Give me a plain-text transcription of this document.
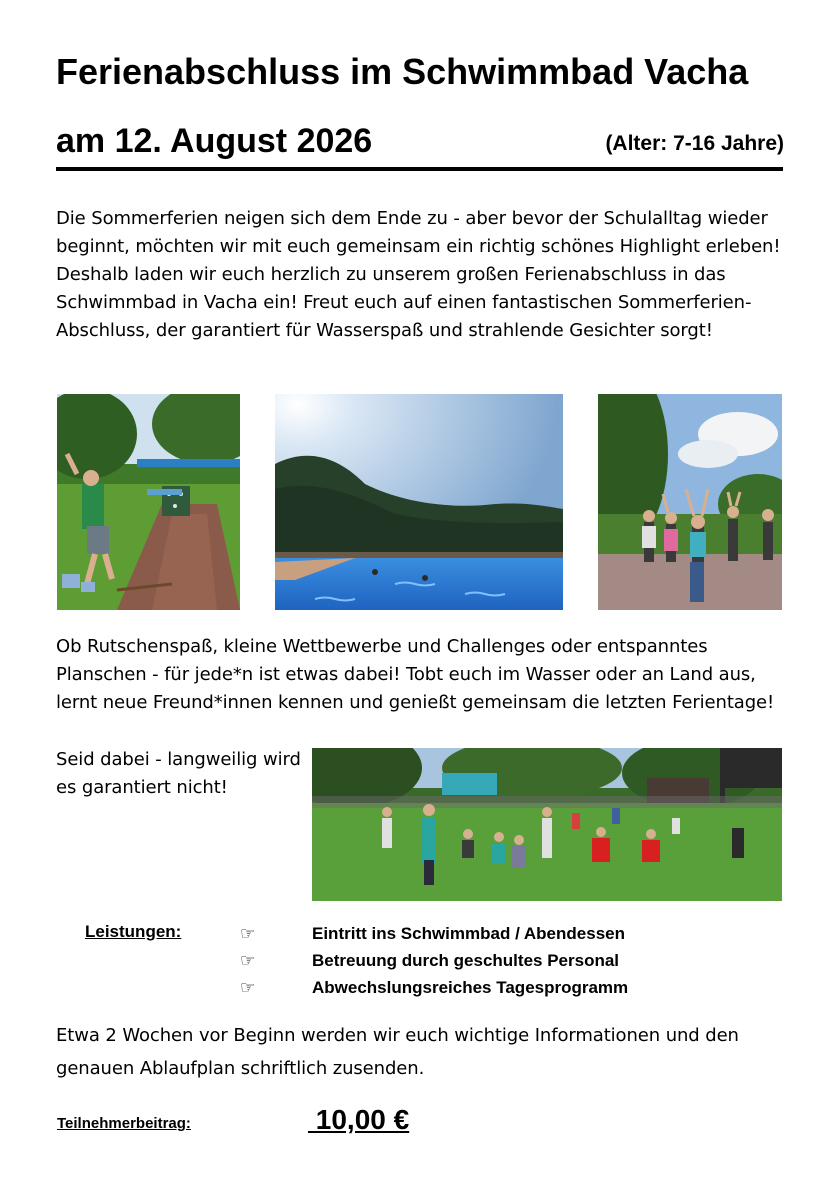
Ferienabschluss im Schwimmbad Vacha
am 12. August 2026	(Alter: 7-16 Jahre)

Die Sommerferien neigen sich dem Ende zu - aber bevor der Schulalltag wieder beginnt, möchten wir mit euch gemeinsam ein richtig schönes Highlight erleben! Deshalb laden wir euch herzlich zu unserem großen Ferienabschluss in das Schwimmbad in Vacha ein! Freut euch auf einen fantastischen Sommerferien-Abschluss, der garantiert für Wasserspaß und strahlende Gesichter sorgt!

Ob Rutschenspaß, kleine Wettbewerbe und Challenges oder entspanntes Planschen - für jede*n ist etwas dabei! Tobt euch im Wasser oder an Land aus, lernt neue Freund*innen kennen und genießt gemeinsam die letzten Ferientage!

Seid dabei - langweilig wird es garantiert nicht!

Leistungen:	☞	Eintritt ins Schwimmbad / Abendessen
☞	Betreuung durch geschultes Personal
☞	Abwechslungsreiches Tagesprogramm

Etwa 2 Wochen vor Beginn werden wir euch wichtige Informationen und den genauen Ablaufplan schriftlich zusenden.

Teilnehmerbeitrag:	10,00 €
